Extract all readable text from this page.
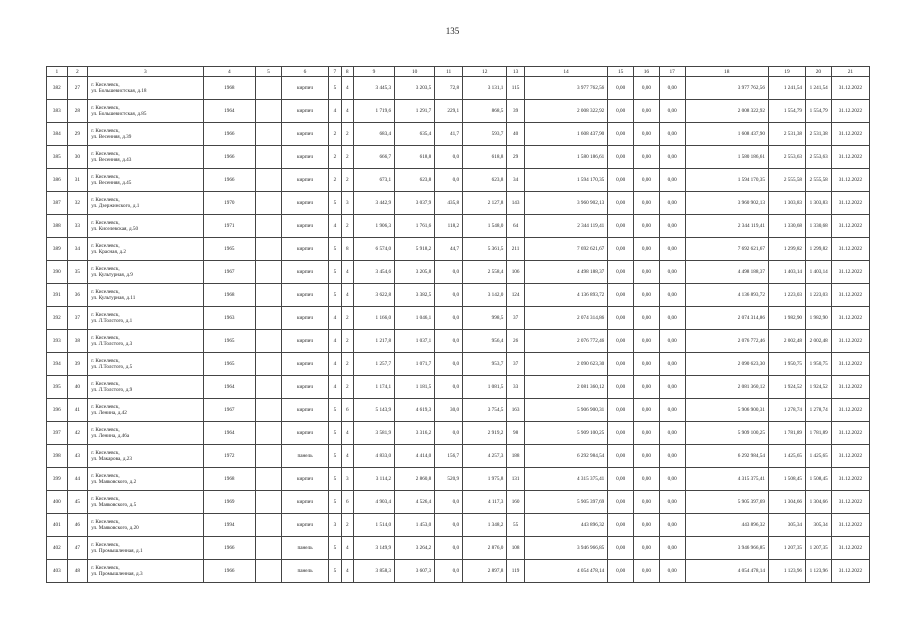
135
1	2	3	4	5	6	7	8	9	10	11	12	13	14	15	16	17	18	19	20	21
382	27	г. Киселевск,
ул. Большевистская, д.18	1968		кирпич	5	4	3 445,3	3 203,5	72,8	3 131,1	115	3 977 762,56	0,00	0,00	0,00	3 977 762,56	1 241,54	1 241,54	31.12.2022
383	28	г. Киселевск,
ул. Большевистская, д.85	1964		кирпич	4	4	1 719,6	1 291,7	229,1	868,5	39	2 008 322,92	0,00	0,00	0,00	2 008 322,92	1 554,79	1 554,79	31.12.2022
384	29	г. Киселевск,
ул. Весенняя, д.39	1966		кирпич	2	2	683,4	635,4	41,7	593,7	40	1 608 437,90	0,00	0,00	0,00	1 608 437,90	2 531,38	2 531,38	31.12.2022
385	30	г. Киселевск,
ул. Весенняя, д.43	1966		кирпич	2	2	666,7	618,8	0,0	618,8	29	1 580 186,61	0,00	0,00	0,00	1 580 186,61	2 553,63	2 553,63	31.12.2022
386	31	г. Киселевск,
ул. Весенняя, д.45	1966		кирпич	2	2	673,1	623,8	0,0	623,8	34	1 594 170,35	0,00	0,00	0,00	1 594 170,35	2 555,58	2 555,58	31.12.2022
387	32	г. Киселевск,
ул. Дзержинского, д.1	1970		кирпич	5	3	3 442,9	3 037,9	435,8	2 127,8	143	3 960 902,13	0,00	0,00	0,00	3 960 902,13	1 303,83	1 303,83	31.12.2022
388	33	г. Киселевск,
ул. Киселевская, д.50	1971		кирпич	4	2	1 906,3	1 761,6	118,2	1 548,0	64	2 344 119,41	0,00	0,00	0,00	2 344 119,41	1 330,68	1 330,68	31.12.2022
389	34	г. Киселевск,
ул. Красная, д.2	1965		кирпич	5	8	6 574,0	5 918,2	44,7	5 361,5	211	7 692 621,67	0,00	0,00	0,00	7 692 621,67	1 299,82	1 299,82	31.12.2022
390	35	г. Киселевск,
ул. Культурная, д.9	1967		кирпич	5	4	3 454,6	3 205,8	0,0	2 558,4	106	4 498 188,37	0,00	0,00	0,00	4 498 188,37	1 403,14	1 403,14	31.12.2022
391	36	г. Киселевск,
ул. Культурная, д.11	1968		кирпич	5	4	3 622,8	3 382,5	0,0	3 142,0	124	4 136 893,72	0,00	0,00	0,00	4 136 893,72	1 223,03	1 223,03	31.12.2022
392	37	г. Киселевск,
ул. Л.Толстого, д.1	1963		кирпич	4	2	1 166,0	1 046,1	0,0	998,5	37	2 074 314,86	0,00	0,00	0,00	2 074 314,86	1 982,90	1 982,90	31.12.2022
393	38	г. Киселевск,
ул. Л.Толстого, д.3	1965		кирпич	4	2	1 217,8	1 037,1	0,0	956,4	26	2 076 772,46	0,00	0,00	0,00	2 076 772,46	2 002,48	2 002,48	31.12.2022
394	39	г. Киселевск,
ул. Л.Толстого, д.5	1965		кирпич	4	2	1 257,7	1 071,7	0,0	953,7	37	2 090 623,30	0,00	0,00	0,00	2 090 623,30	1 950,75	1 950,75	31.12.2022
395	40	г. Киселевск,
ул. Л.Толстого, д.9	1964		кирпич	4	2	1 174,1	1 181,5	0,0	1 081,5	33	2 081 360,12	0,00	0,00	0,00	2 081 360,12	1 924,52	1 924,52	31.12.2022
396	41	г. Киселевск,
ул. Ленина, д.42	1967		кирпич	5	6	5 143,9	4 619,3	30,0	3 754,5	163	5 906 900,31	0,00	0,00	0,00	5 906 900,31	1 278,74	1 278,74	31.12.2022
397	42	г. Киселевск,
ул. Ленина, д.46а	1964		кирпич	5	4	3 581,9	3 316,2	0,0	2 919,2	98	5 909 100,25	0,00	0,00	0,00	5 909 100,25	1 781,89	1 781,89	31.12.2022
398	43	г. Киселевск,
ул. Макарова, д.23	1972		панель	5	4	4 833,0	4 414,0	156,7	4 257,3	188	6 292 984,54	0,00	0,00	0,00	6 292 984,54	1 425,65	1 425,65	31.12.2022
399	44	г. Киселевск,
ул. Маяковского, д.2	1968		кирпич	5	3	3 114,2	2 860,8	520,9	1 975,8	131	4 315 375,41	0,00	0,00	0,00	4 315 375,41	1 508,45	1 508,45	31.12.2022
400	45	г. Киселевск,
ул. Маяковского, д.5	1969		кирпич	5	6	4 903,4	4 526,4	0,0	4 117,3	160	5 905 397,69	0,00	0,00	0,00	5 905 397,69	1 304,66	1 304,66	31.12.2022
401	46	г. Киселевск,
ул. Маяковского, д.20	1994		кирпич	3	2	1 514,0	1 453,0	0,0	1 348,2	55	443 896,32	0,00	0,00	0,00	443 896,32	305,34	305,34	31.12.2022
402	47	г. Киселевск,
ул. Промышленная, д.1	1966		панель	5	4	3 149,9	3 264,2	0,0	2 876,0	108	3 946 966,85	0,00	0,00	0,00	3 946 966,85	1 207,35	1 207,35	31.12.2022
403	48	г. Киселевск,
ул. Промышленная, д.3	1966		панель	5	4	3 858,3	3 607,3	0,0	2 897,8	119	4 054 478,14	0,00	0,00	0,00	4 054 478,14	1 123,96	1 123,96	31.12.2022
